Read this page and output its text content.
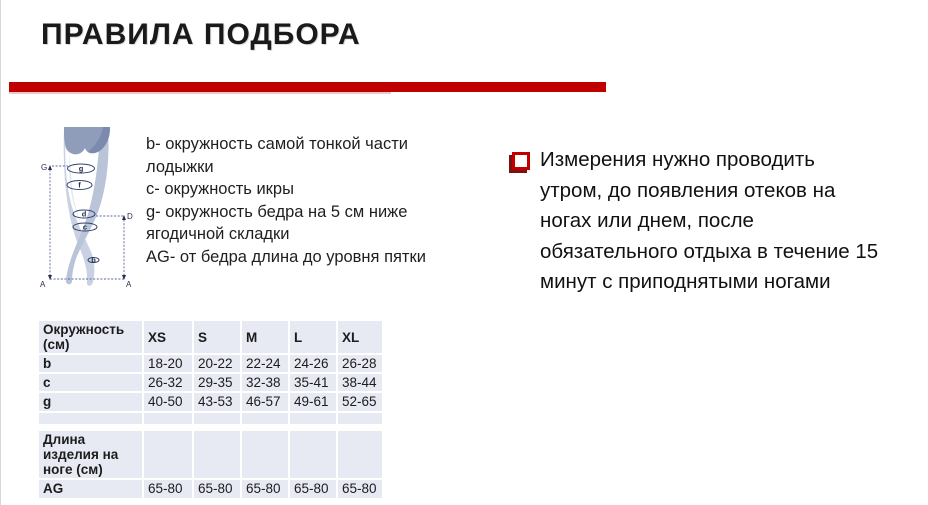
ПРАВИЛА ПОДБОРА
g
f
d
c
b
G
D
A	A
b- окружность самой тонкой части
лодыжки
c- окружность икры
g- окружность бедра на 5 см ниже
ягодичной складки
AG- от бедра длина до уровня пятки
Измерения нужно проводить
утром, до появления отеков на
ногах или днем, после
обязательного отдыха в течение 15
минут с приподнятыми ногами
Окружность (см)	XS	S	M	L	XL
b	18-20	20-22	22-24	24-26	26-28
c	26-32	29-35	32-38	35-41	38-44
g	40-50	43-53	46-57	49-61	52-65

Длина изделия на ноге (см)					
AG	65-80	65-80	65-80	65-80	65-80
